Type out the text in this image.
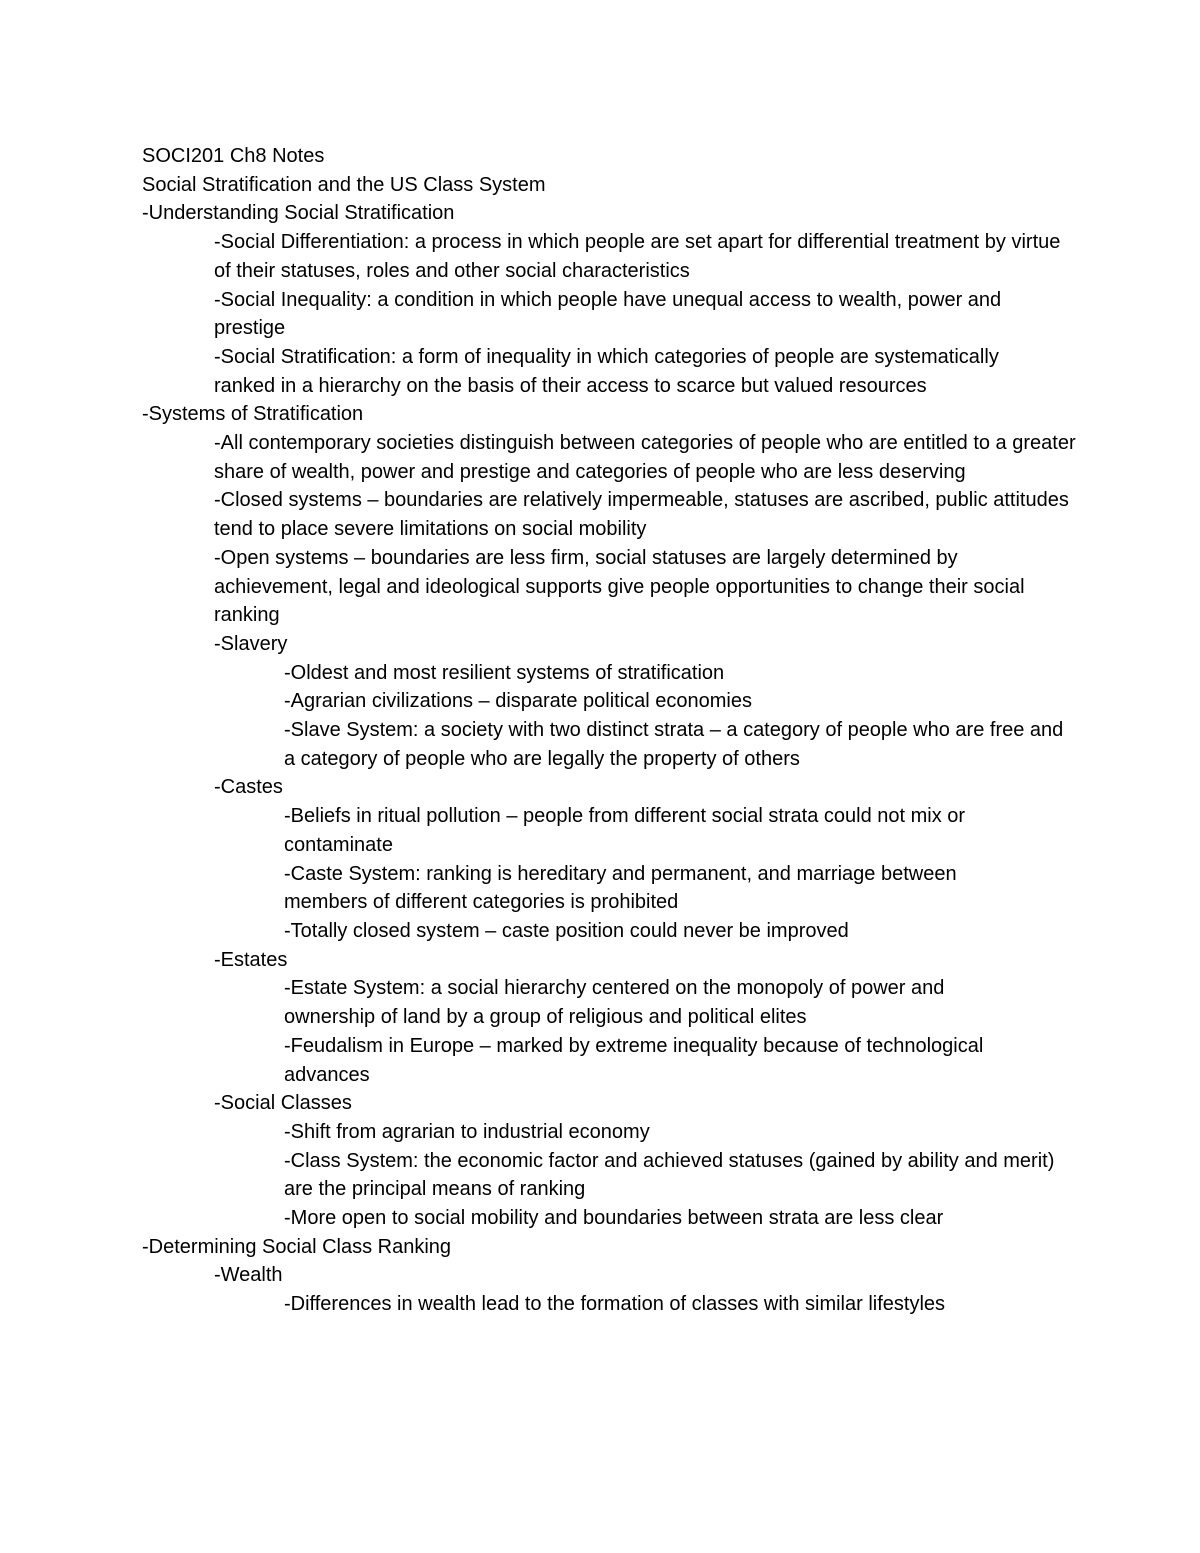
SOCI201 Ch8 Notes
Social Stratification and the US Class System
-Understanding Social Stratification
-Social Differentiation: a process in which people are set apart for differential treatment by virtue of their statuses, roles and other social characteristics
-Social Inequality: a condition in which people have unequal access to wealth, power and prestige
-Social Stratification: a form of inequality in which categories of people are systematically ranked in a hierarchy on the basis of their access to scarce but valued resources
-Systems of Stratification
-All contemporary societies distinguish between categories of people who are entitled to a greater share of wealth, power and prestige and categories of people who are less deserving
-Closed systems – boundaries are relatively impermeable, statuses are ascribed, public attitudes tend to place severe limitations on social mobility
-Open systems – boundaries are less firm, social statuses are largely determined by achievement, legal and ideological supports give people opportunities to change their social ranking
-Slavery
-Oldest and most resilient systems of stratification
-Agrarian civilizations – disparate political economies
-Slave System: a society with two distinct strata – a category of people who are free and a category of people who are legally the property of others
-Castes
-Beliefs in ritual pollution – people from different social strata could not mix or contaminate
-Caste System: ranking is hereditary and permanent, and marriage between members of different categories is prohibited
-Totally closed system – caste position could never be improved
-Estates
-Estate System: a social hierarchy centered on the monopoly of power and ownership of land by a group of religious and political elites
-Feudalism in Europe – marked by extreme inequality because of technological advances
-Social Classes
-Shift from agrarian to industrial economy
-Class System: the economic factor and achieved statuses (gained by ability and merit) are the principal means of ranking
-More open to social mobility and boundaries between strata are less clear
-Determining Social Class Ranking
-Wealth
-Differences in wealth lead to the formation of classes with similar lifestyles
